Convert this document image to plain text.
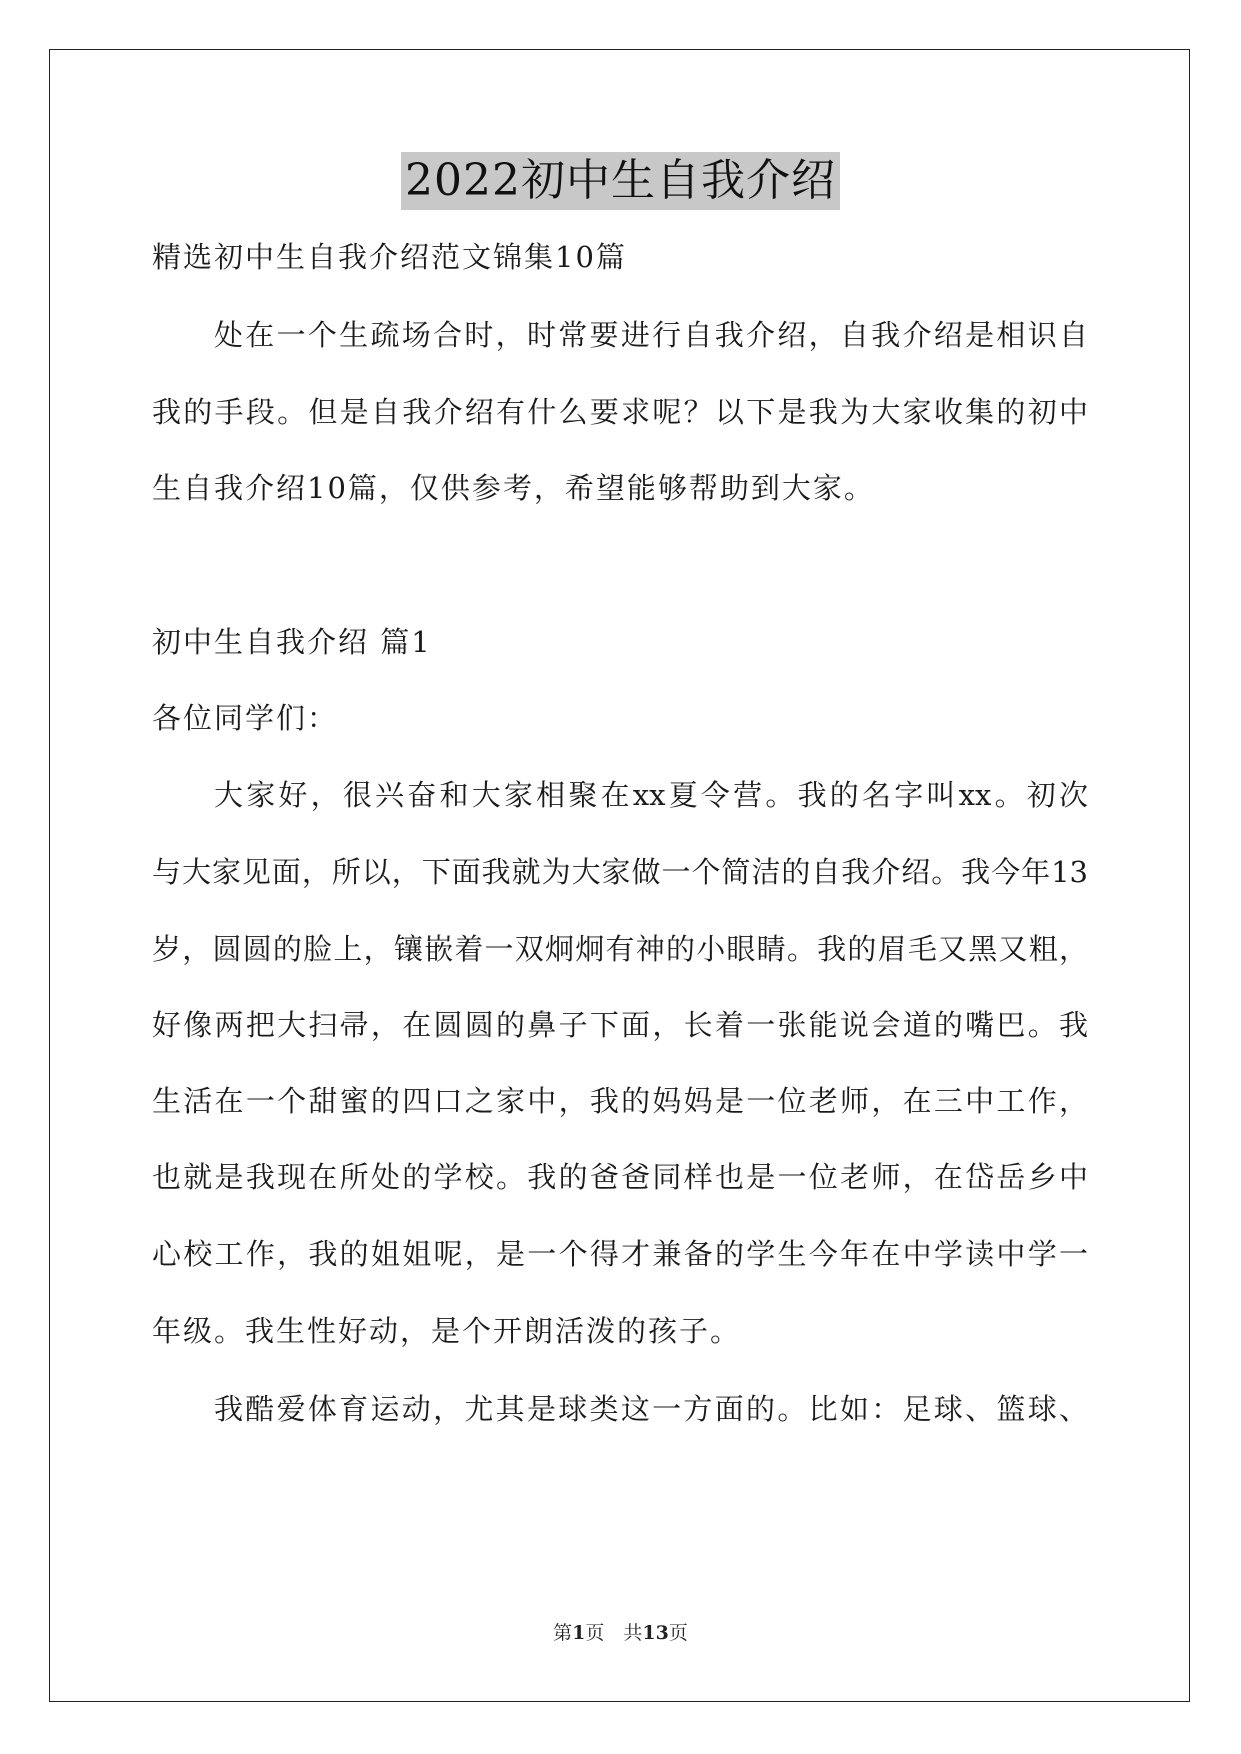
2022初中生自我介绍
精选初中生自我介绍范文锦集10篇
处在一个生疏场合时，时常要进行自我介绍，自我介绍是相识自
我的手段。但是自我介绍有什么要求呢？以下是我为大家收集的初中
生自我介绍10篇，仅供参考，希望能够帮助到大家。
初中生自我介绍 篇1
各位同学们：
大家好，很兴奋和大家相聚在xx夏令营。我的名字叫xx。初次
与大家见面，所以，下面我就为大家做一个简洁的自我介绍。我今年13
岁，圆圆的脸上，镶嵌着一双炯炯有神的小眼睛。我的眉毛又黑又粗，
好像两把大扫帚，在圆圆的鼻子下面，长着一张能说会道的嘴巴。我
生活在一个甜蜜的四口之家中，我的妈妈是一位老师，在三中工作，
也就是我现在所处的学校。我的爸爸同样也是一位老师，在岱岳乡中
心校工作，我的姐姐呢，是一个得才兼备的学生今年在中学读中学一
年级。我生性好动，是个开朗活泼的孩子。
我酷爱体育运动，尤其是球类这一方面的。比如：足球、篮球、
第1页　共13页
